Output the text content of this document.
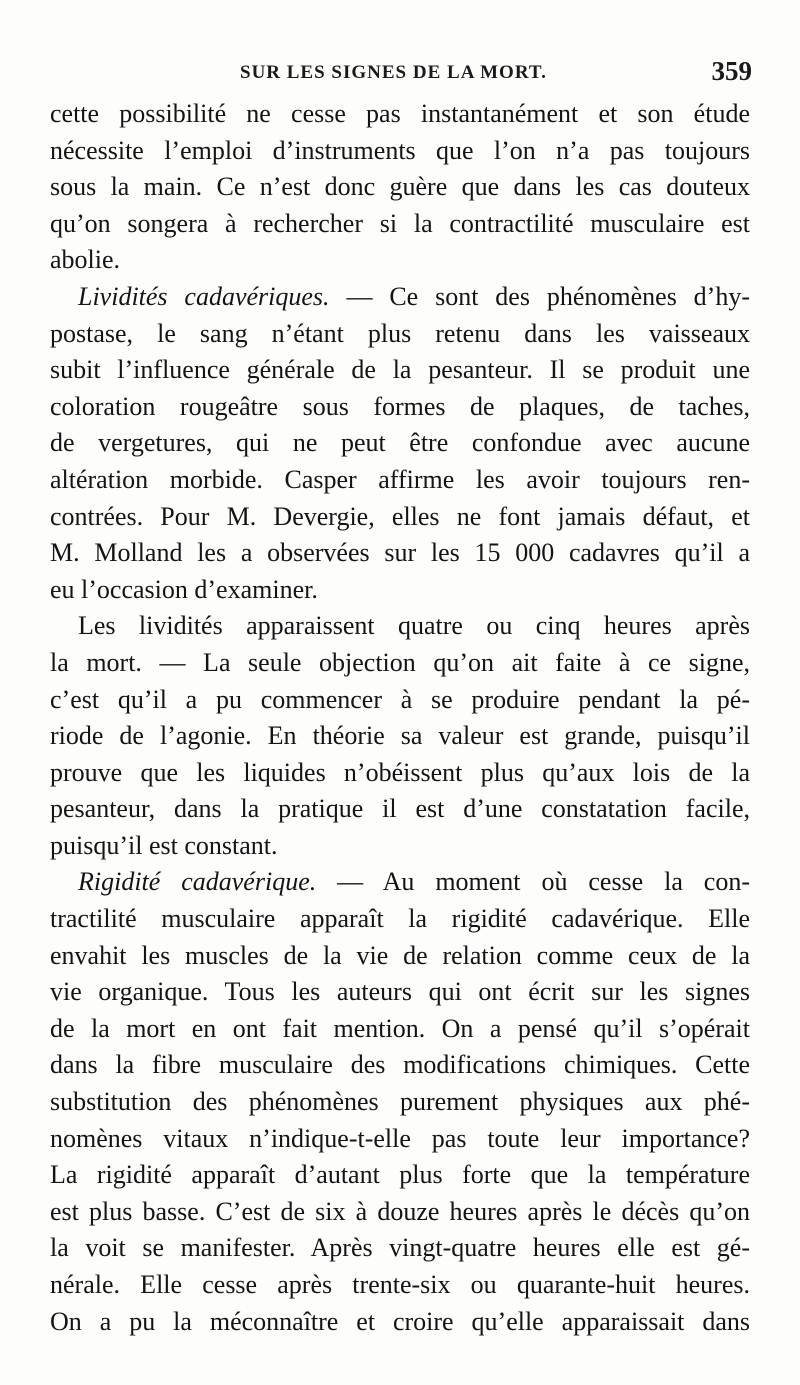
SUR LES SIGNES DE LA MORT.	359
cette possibilité ne cesse pas instantanément et son étude
nécessite l’emploi d’instruments que l’on n’a pas toujours
sous la main. Ce n’est donc guère que dans les cas douteux
qu’on songera à rechercher si la contractilité musculaire est
abolie.
Lividités cadavériques. — Ce sont des phénomènes d’hy-
postase, le sang n’étant plus retenu dans les vaisseaux
subit l’influence générale de la pesanteur. Il se produit une
coloration rougeâtre sous formes de plaques, de taches,
de vergetures, qui ne peut être confondue avec aucune
altération morbide. Casper affirme les avoir toujours ren-
contrées. Pour M. Devergie, elles ne font jamais défaut, et
M. Molland les a observées sur les 15 000 cadavres qu’il a
eu l’occasion d’examiner.
Les lividités apparaissent quatre ou cinq heures après
la mort. — La seule objection qu’on ait faite à ce signe,
c’est qu’il a pu commencer à se produire pendant la pé-
riode de l’agonie. En théorie sa valeur est grande, puisqu’il
prouve que les liquides n’obéissent plus qu’aux lois de la
pesanteur, dans la pratique il est d’une constatation facile,
puisqu’il est constant.
Rigidité cadavérique. — Au moment où cesse la con-
tractilité musculaire apparaît la rigidité cadavérique. Elle
envahit les muscles de la vie de relation comme ceux de la
vie organique. Tous les auteurs qui ont écrit sur les signes
de la mort en ont fait mention. On a pensé qu’il s’opérait
dans la fibre musculaire des modifications chimiques. Cette
substitution des phénomènes purement physiques aux phé-
nomènes vitaux n’indique-t-elle pas toute leur importance?
La rigidité apparaît d’autant plus forte que la température
est plus basse. C’est de six à douze heures après le décès qu’on
la voit se manifester. Après vingt-quatre heures elle est gé-
nérale. Elle cesse après trente-six ou quarante-huit heures.
On a pu la méconnaître et croire qu’elle apparaissait dans
